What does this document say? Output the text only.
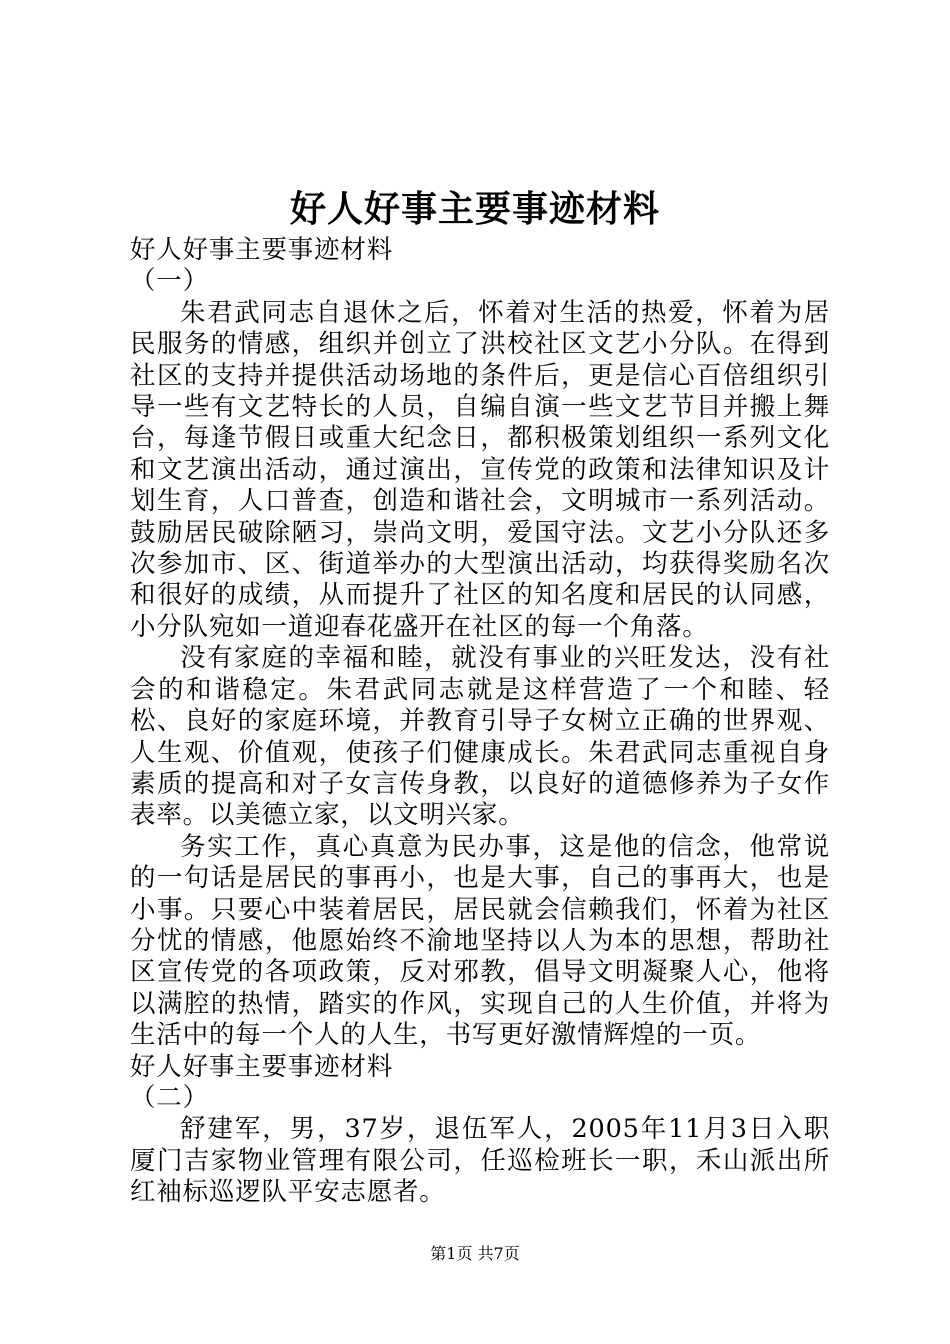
好人好事主要事迹材料

好人好事主要事迹材料

（一）

朱君武同志自退休之后，怀着对生活的热爱，怀着为居民服务的情感，组织并创立了洪校社区文艺小分队。在得到社区的支持并提供活动场地的条件后，更是信心百倍组织引导一些有文艺特长的人员，自编自演一些文艺节目并搬上舞台，每逢节假日或重大纪念日，都积极策划组织一系列文化和文艺演出活动，通过演出，宣传党的政策和法律知识及计划生育，人口普查，创造和谐社会，文明城市一系列活动。鼓励居民破除陋习，崇尚文明，爱国守法。文艺小分队还多次参加市、区、街道举办的大型演出活动，均获得奖励名次和很好的成绩，从而提升了社区的知名度和居民的认同感，小分队宛如一道迎春花盛开在社区的每一个角落。

没有家庭的幸福和睦，就没有事业的兴旺发达，没有社会的和谐稳定。朱君武同志就是这样营造了一个和睦、轻松、良好的家庭环境，并教育引导子女树立正确的世界观、人生观、价值观，使孩子们健康成长。朱君武同志重视自身素质的提高和对子女言传身教，以良好的道德修养为子女作表率。以美德立家，以文明兴家。

务实工作，真心真意为民办事，这是他的信念，他常说的一句话是居民的事再小，也是大事，自己的事再大，也是小事。只要心中装着居民，居民就会信赖我们，怀着为社区分忧的情感，他愿始终不渝地坚持以人为本的思想，帮助社区宣传党的各项政策，反对邪教，倡导文明凝聚人心，他将以满腔的热情，踏实的作风，实现自己的人生价值，并将为生活中的每一个人的人生，书写更好激情辉煌的一页。

好人好事主要事迹材料

（二）

舒建军，男，37岁，退伍军人，2005年11月3日入职厦门吉家物业管理有限公司，任巡检班长一职，禾山派出所红袖标巡逻队平安志愿者。

第1页 共7页
